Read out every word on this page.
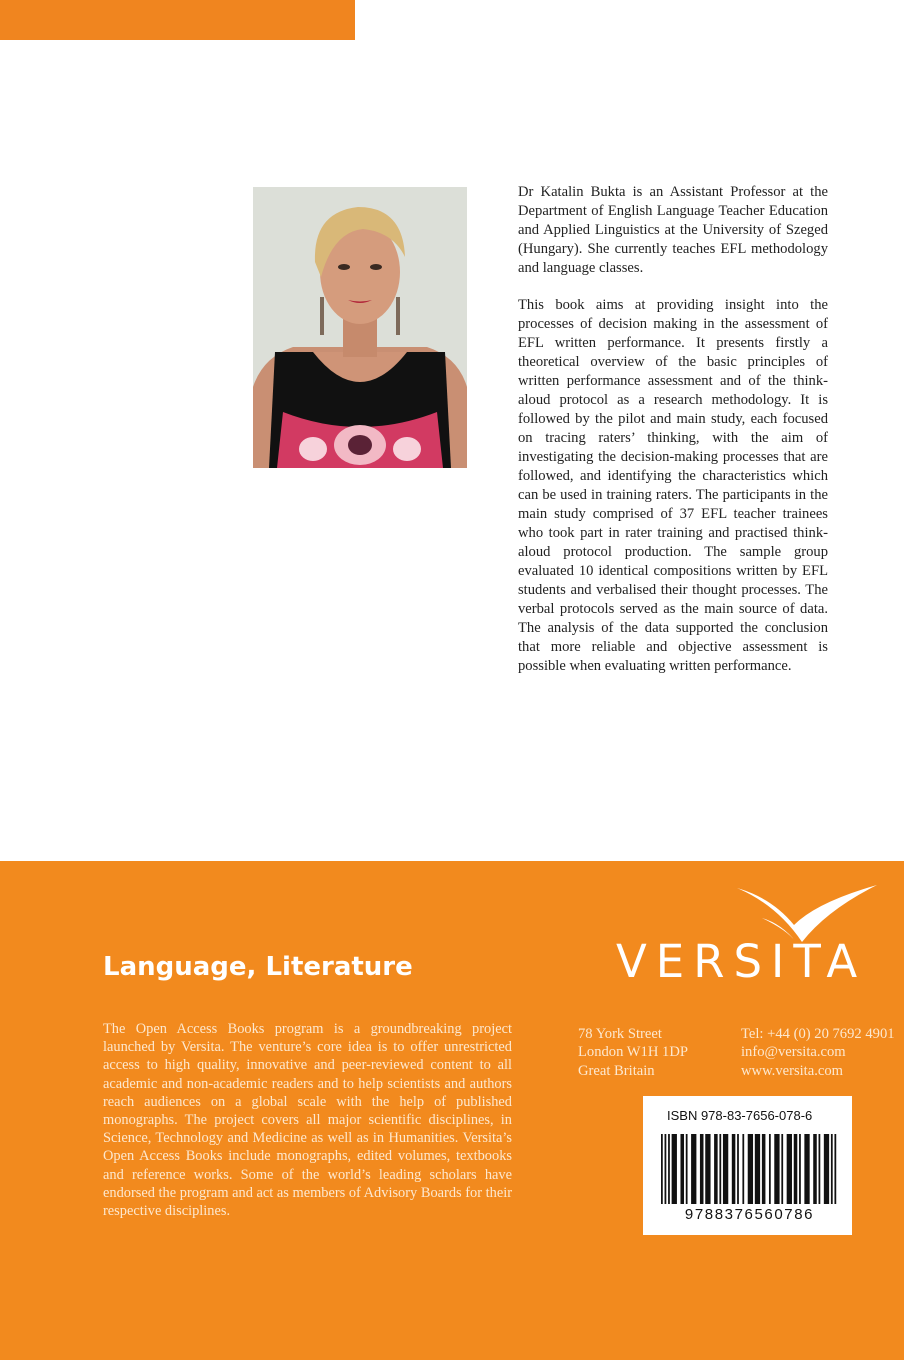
Dr Katalin Bukta is an Assistant Professor at the Department of English Language Teacher Education and Applied Linguistics at the University of Szeged (Hungary). She currently teaches EFL methodology and language classes.

This book aims at providing insight into the processes of decision making in the assessment of EFL written performance. It presents firstly a theoretical overview of the basic principles of written performance assessment and of the think-aloud protocol as a research methodology. It is followed by the pilot and main study, each focused on tracing raters’ thinking, with the aim of investigating the decision-making processes that are followed, and identifying the characteristics which can be used in training raters. The participants in the main study comprised of 37 EFL teacher trainees who took part in rater training and practised think-aloud protocol production. The sample group evaluated 10 identical compositions written by EFL students and verbalised their thought processes. The verbal protocols served as the main source of data. The analysis of the data supported the conclusion that more reliable and objective assessment is possible when evaluating written performance.

Language, Literature
The Open Access Books program is a groundbreaking project launched by Versita. The venture’s core idea is to offer unrestricted access to high quality, innovative and peer-reviewed content to all academic and non-academic readers and to help scientists and authors reach audiences on a global scale with the help of published monographs. The project covers all major scientific disciplines, in Science, Technology and Medicine as well as in Humanities. Versita’s Open Access Books include monographs, edited volumes, textbooks and reference works. Some of the world’s leading scholars have endorsed the program and act as members of Advisory Boards for their respective disciplines.
VERSITA
78 York Street
London W1H 1DP
Great Britain
Tel: +44 (0) 20 7692 4901
info@versita.com
www.versita.com
ISBN 978-83-7656-078-6
9788376560786
